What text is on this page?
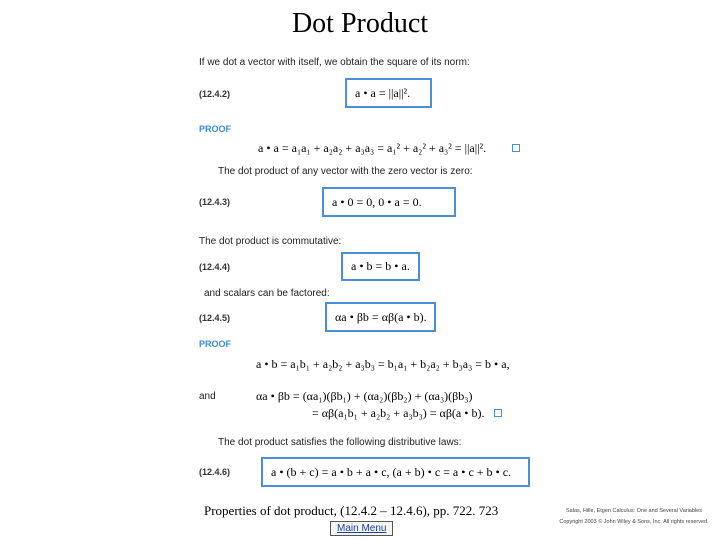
Dot Product
If we dot a vector with itself, we obtain the square of its norm:
(12.4.2)	a • a = ||a||².
PROOF
a • a = a₁a₁ + a₂a₂ + a₃a₃ = a₁² + a₂² + a₃² = ||a||².
The dot product of any vector with the zero vector is zero:
(12.4.3)	a • 0 = 0, 0 • a = 0.
The dot product is commutative:
(12.4.4)	a • b = b • a.
and scalars can be factored:
(12.4.5)	αa • βb = αβ(a • b).
PROOF
a • b = a₁b₁ + a₂b₂ + a₃b₃ = b₁a₁ + b₂a₂ + b₃a₃ = b • a,
and	αa • βb = (αa₁)(βb₁) + (αa₂)(βb₂) + (αa₃)(βb₃)
= αβ(a₁b₁ + a₂b₂ + a₃b₃) = αβ(a • b).
The dot product satisfies the following distributive laws:
(12.4.6)	a • (b + c) = a • b + a • c, (a + b) • c = a • c + b • c.
Properties of dot product, (12.4.2 – 12.4.6), pp. 722. 723
Main Menu
Salas, Hille, Etgen Calculus: One and Several Variables
Copyright 2003 © John Wiley & Sons, Inc. All rights reserved.
